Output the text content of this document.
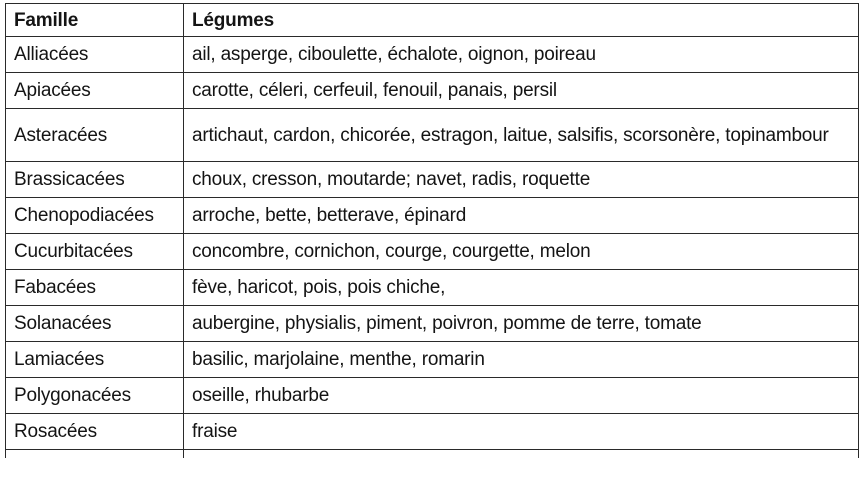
Famille	Légumes
Alliacées	ail, asperge, ciboulette, échalote, oignon, poireau
Apiacées	carotte, céleri, cerfeuil, fenouil, panais, persil
Asteracées	artichaut, cardon, chicorée, estragon, laitue, salsifis, scorsonère, topinambour
Brassicacées	choux, cresson, moutarde; navet, radis, roquette
Chenopodiacées	arroche, bette, betterave, épinard
Cucurbitacées	concombre, cornichon, courge, courgette, melon
Fabacées	fève, haricot, pois, pois chiche,
Solanacées	aubergine, physialis, piment, poivron, pomme de terre, tomate
Lamiacées	basilic, marjolaine, menthe, romarin
Polygonacées	oseille, rhubarbe
Rosacées	fraise
